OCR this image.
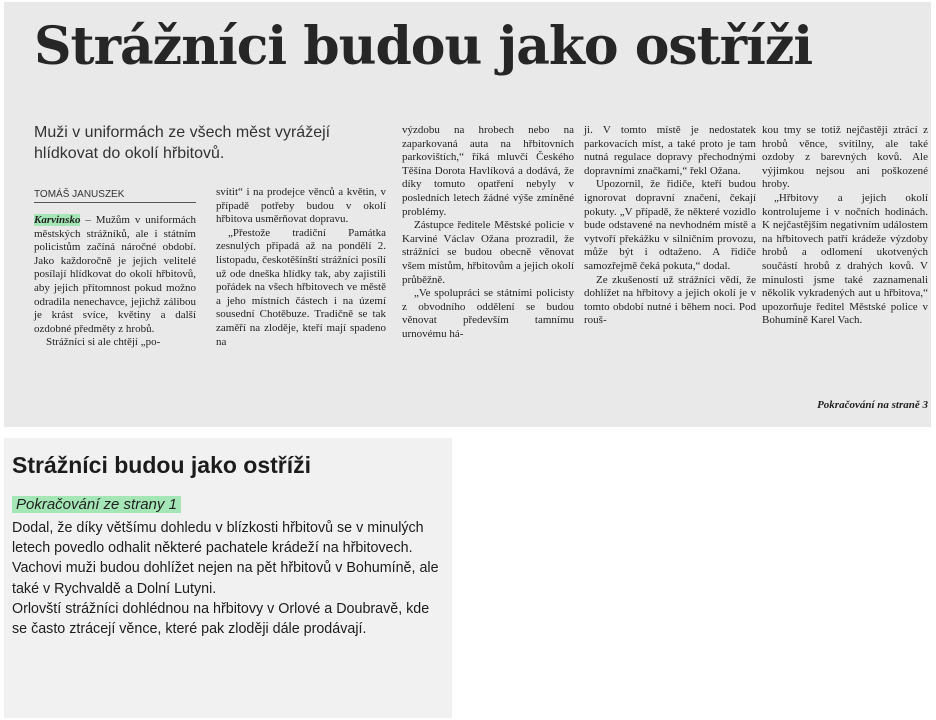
Strážníci budou jako ostříži
Muži v uniformách ze všech měst vyrážejí hlídkovat do okolí hřbitovů.
TOMÁŠ JANUSZEK

Karvinsko – Mužům v uniformách městských strážníků, ale i státním policistům začíná náročné období. Jako každoročně je jejich velitelé posílají hlídkovat do okolí hřbitovů, aby jejich přítomnost pokud možno odradila nenechavce, jejichž zálibou je krást svíce, květiny a další ozdobné předměty z hrobů.

Strážníci si ale chtějí „po-

svítit“ i na prodejce věnců a květin, v případě potřeby budou v okolí hřbitova usměrňovat dopravu.

„Přestože tradiční Památka zesnulých připadá až na pondělí 2. listopadu, českotěšínští strážníci posílí už ode dneška hlídky tak, aby zajistili pořádek na všech hřbitovech ve městě a jeho místních částech i na území sousední Chotěbuze. Tradičně se tak zaměří na zloděje, kteří mají spadeno na

výzdobu na hrobech nebo na zaparkovaná auta na hřbitovních parkovištích,“ říká mluvčí Českého Těšína Dorota Havlíková a dodává, že díky tomuto opatření nebyly v posledních letech žádné výše zmíněné problémy.

Zástupce ředitele Městské policie v Karviné Václav Ožana prozradil, že strážníci se budou obecně věnovat všem místům, hřbitovům a jejich okolí průběžně.

„Ve spolupráci se státními policisty z obvodního oddělení se budou věnovat především tamnímu urnovému há-

ji. V tomto místě je nedostatek parkovacích míst, a také proto je tam nutná regulace dopravy přechodnými dopravními značkami,“ řekl Ožana.

Upozornil, že řidiče, kteří budou ignorovat dopravní značení, čekají pokuty. „V případě, že některé vozidlo bude odstavené na nevhodném místě a vytvoří překážku v silničním provozu, může být i odtaženo. A řidiče samozřejmě čeká pokuta,“ dodal.

Ze zkušeností už strážníci vědí, že dohlížet na hřbitovy a jejich okolí je v tomto období nutné i během noci. Pod rouš-

kou tmy se totiž nejčastěji ztrácí z hrobů věnce, svítilny, ale také ozdoby z barevných kovů. Ale výjimkou nejsou ani poškozené hroby.

„Hřbitovy a jejich okolí kontrolujeme i v nočních hodinách. K nejčastějším negativním událostem na hřbitovech patří krádeže výzdoby hrobů a odlomení ukotvených součástí hrobů z drahých kovů. V minulosti jsme také zaznamenali několik vykradených aut u hřbitova,“ upozorňuje ředitel Městské police v Bohumíně Karel Vach.

Pokračování na straně 3
Strážníci budou jako ostříži
Pokračování ze strany 1

Dodal, že díky většímu dohledu v blízkosti hřbitovů se v minulých letech povedlo odhalit některé pachatele krádeží na hřbitovech. Vachovi muži budou dohlížet nejen na pět hřbitovů v Bohumíně, ale také v Rychvaldě a Dolní Lutyni.

Orlovští strážníci dohlédnou na hřbitovy v Orlové a Doubravě, kde se často ztrácejí věnce, které pak zloději dále prodávají.
